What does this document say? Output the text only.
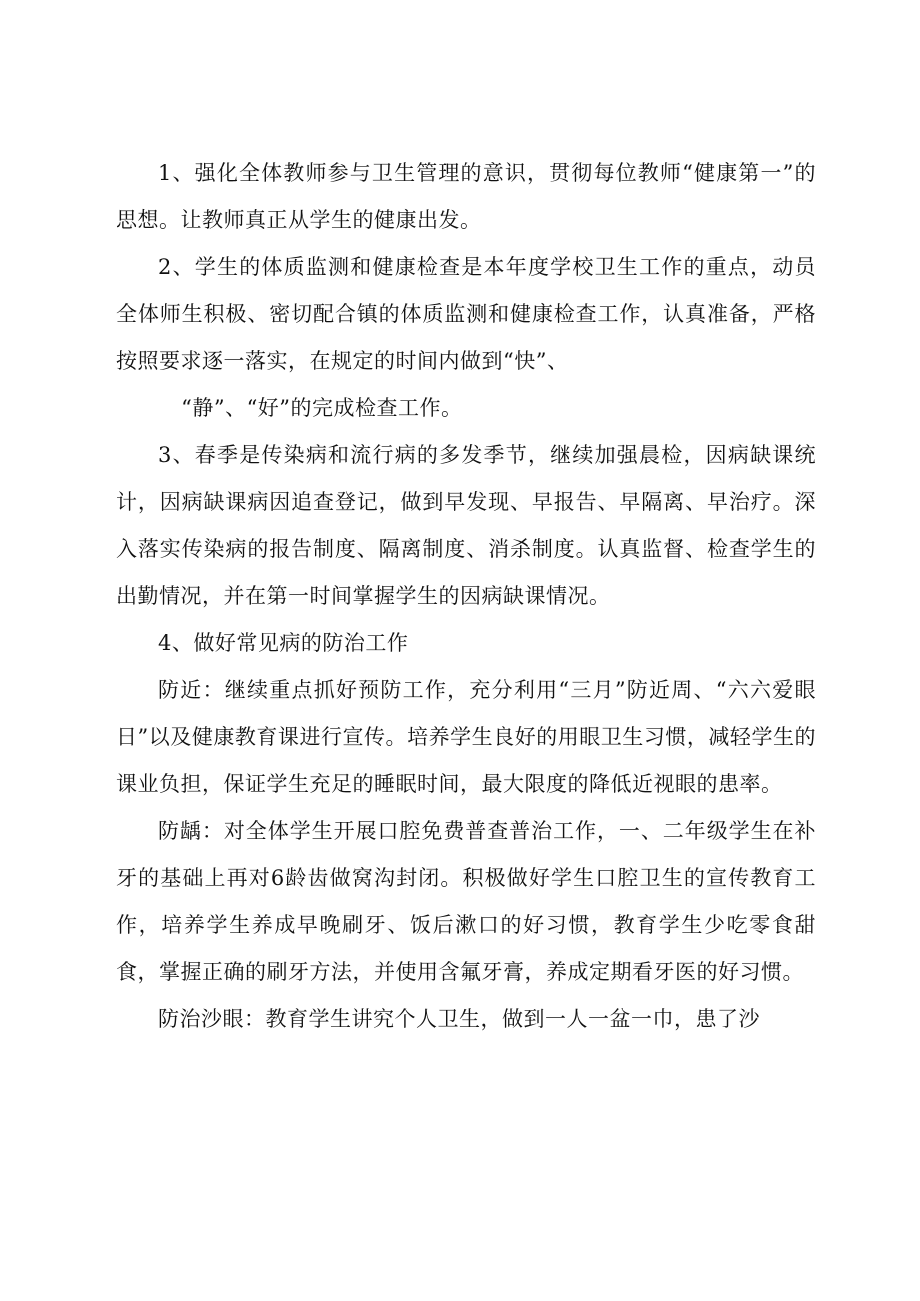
1、强化全体教师参与卫生管理的意识，贯彻每位教师“健康第一”的思想。让教师真正从学生的健康出发。

2、学生的体质监测和健康检查是本年度学校卫生工作的重点，动员全体师生积极、密切配合镇的体质监测和健康检查工作，认真准备，严格按照要求逐一落实，在规定的时间内做到“快”、

“静”、“好”的完成检查工作。

3、春季是传染病和流行病的多发季节，继续加强晨检，因病缺课统计，因病缺课病因追查登记，做到早发现、早报告、早隔离、早治疗。深入落实传染病的报告制度、隔离制度、消杀制度。认真监督、检查学生的出勤情况，并在第一时间掌握学生的因病缺课情况。

4、做好常见病的防治工作

防近：继续重点抓好预防工作，充分利用“三月”防近周、“六六爱眼日”以及健康教育课进行宣传。培养学生良好的用眼卫生习惯，减轻学生的课业负担，保证学生充足的睡眠时间，最大限度的降低近视眼的患率。

防龋：对全体学生开展口腔免费普查普治工作，一、二年级学生在补牙的基础上再对6龄齿做窝沟封闭。积极做好学生口腔卫生的宣传教育工作，培养学生养成早晚刷牙、饭后漱口的好习惯，教育学生少吃零食甜食，掌握正确的刷牙方法，并使用含氟牙膏，养成定期看牙医的好习惯。

防治沙眼：教育学生讲究个人卫生，做到一人一盆一巾，患了沙
